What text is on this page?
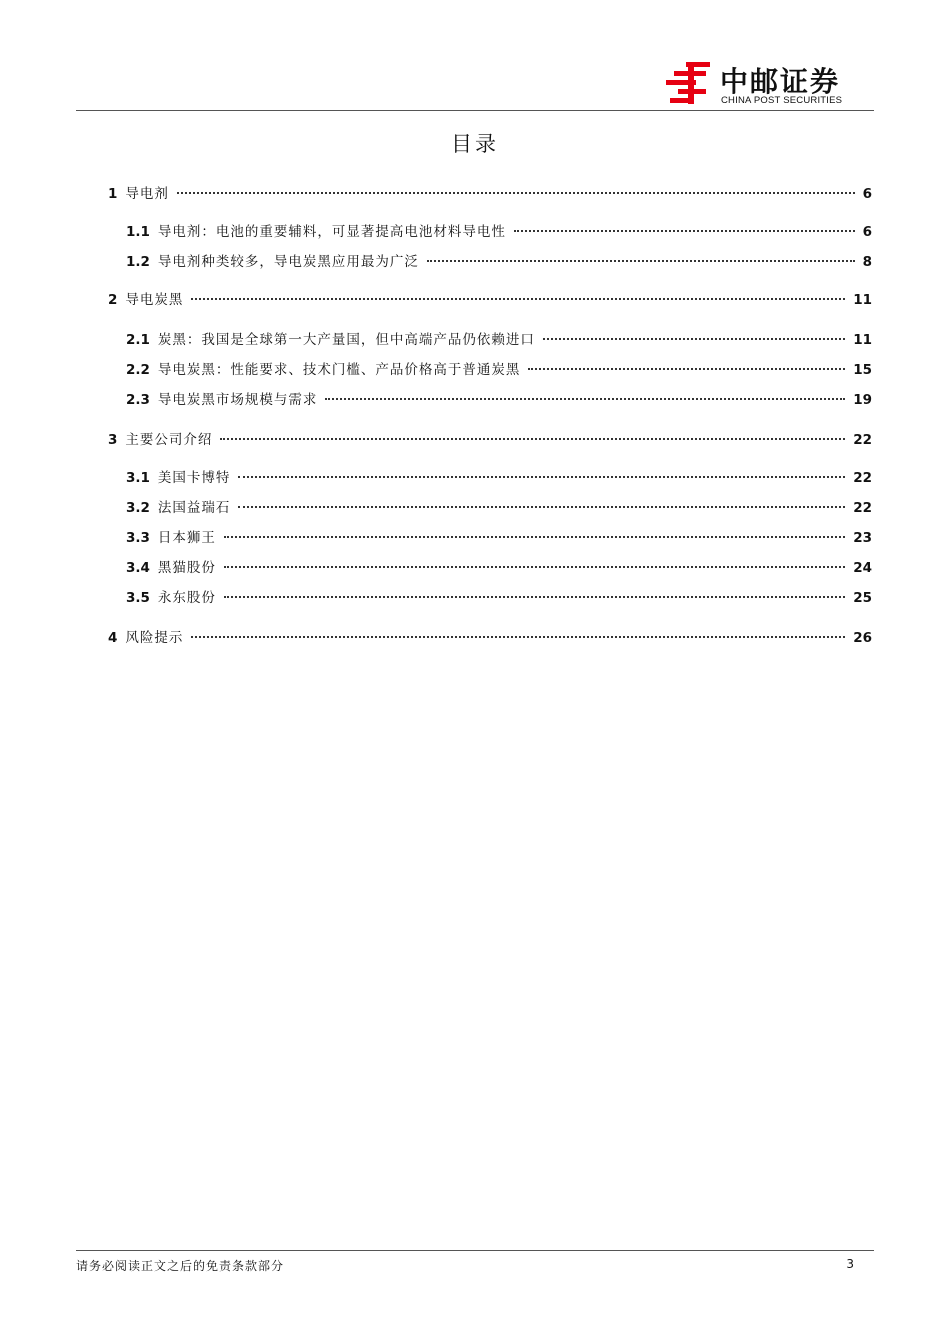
中邮证券
CHINA POST SECURITIES
目录
1 导电剂	6
1.1 导电剂：电池的重要辅料，可显著提高电池材料导电性	6
1.2 导电剂种类较多，导电炭黑应用最为广泛	8
2 导电炭黑	11
2.1 炭黑：我国是全球第一大产量国，但中高端产品仍依赖进口	11
2.2 导电炭黑：性能要求、技术门槛、产品价格高于普通炭黑	15
2.3 导电炭黑市场规模与需求	19
3 主要公司介绍	22
3.1 美国卡博特	22
3.2 法国益瑞石	22
3.3 日本狮王	23
3.4 黑猫股份	24
3.5 永东股份	25
4 风险提示	26
请务必阅读正文之后的免责条款部分	3
